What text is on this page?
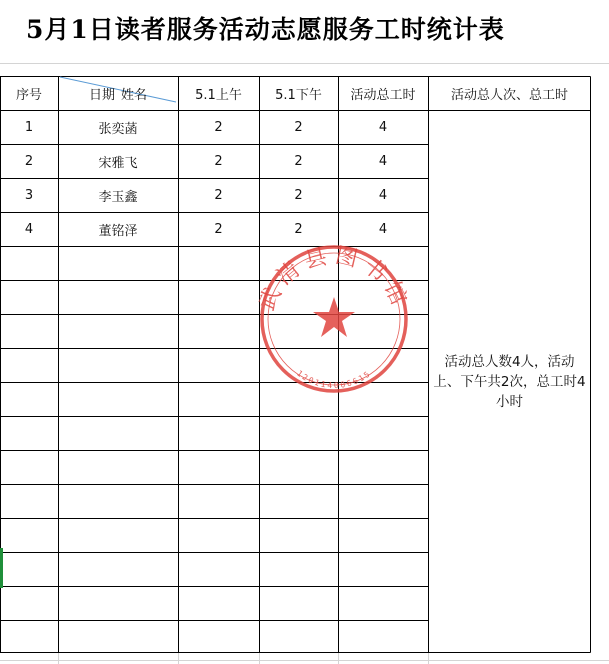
5月1日读者服务活动志愿服务工时统计表
序号	日期 姓名	5.1上午	5.1下午	活动总工时	活动总人次、总工时
1	张奕菡	2	2	4
2	宋雅飞	2	2	4
3	李玉鑫	2	2	4
4	董铭泽	2	2	4
活动总人数4人，活动上、下午共2次，总工时4小时
武清县图书馆
120114006615
